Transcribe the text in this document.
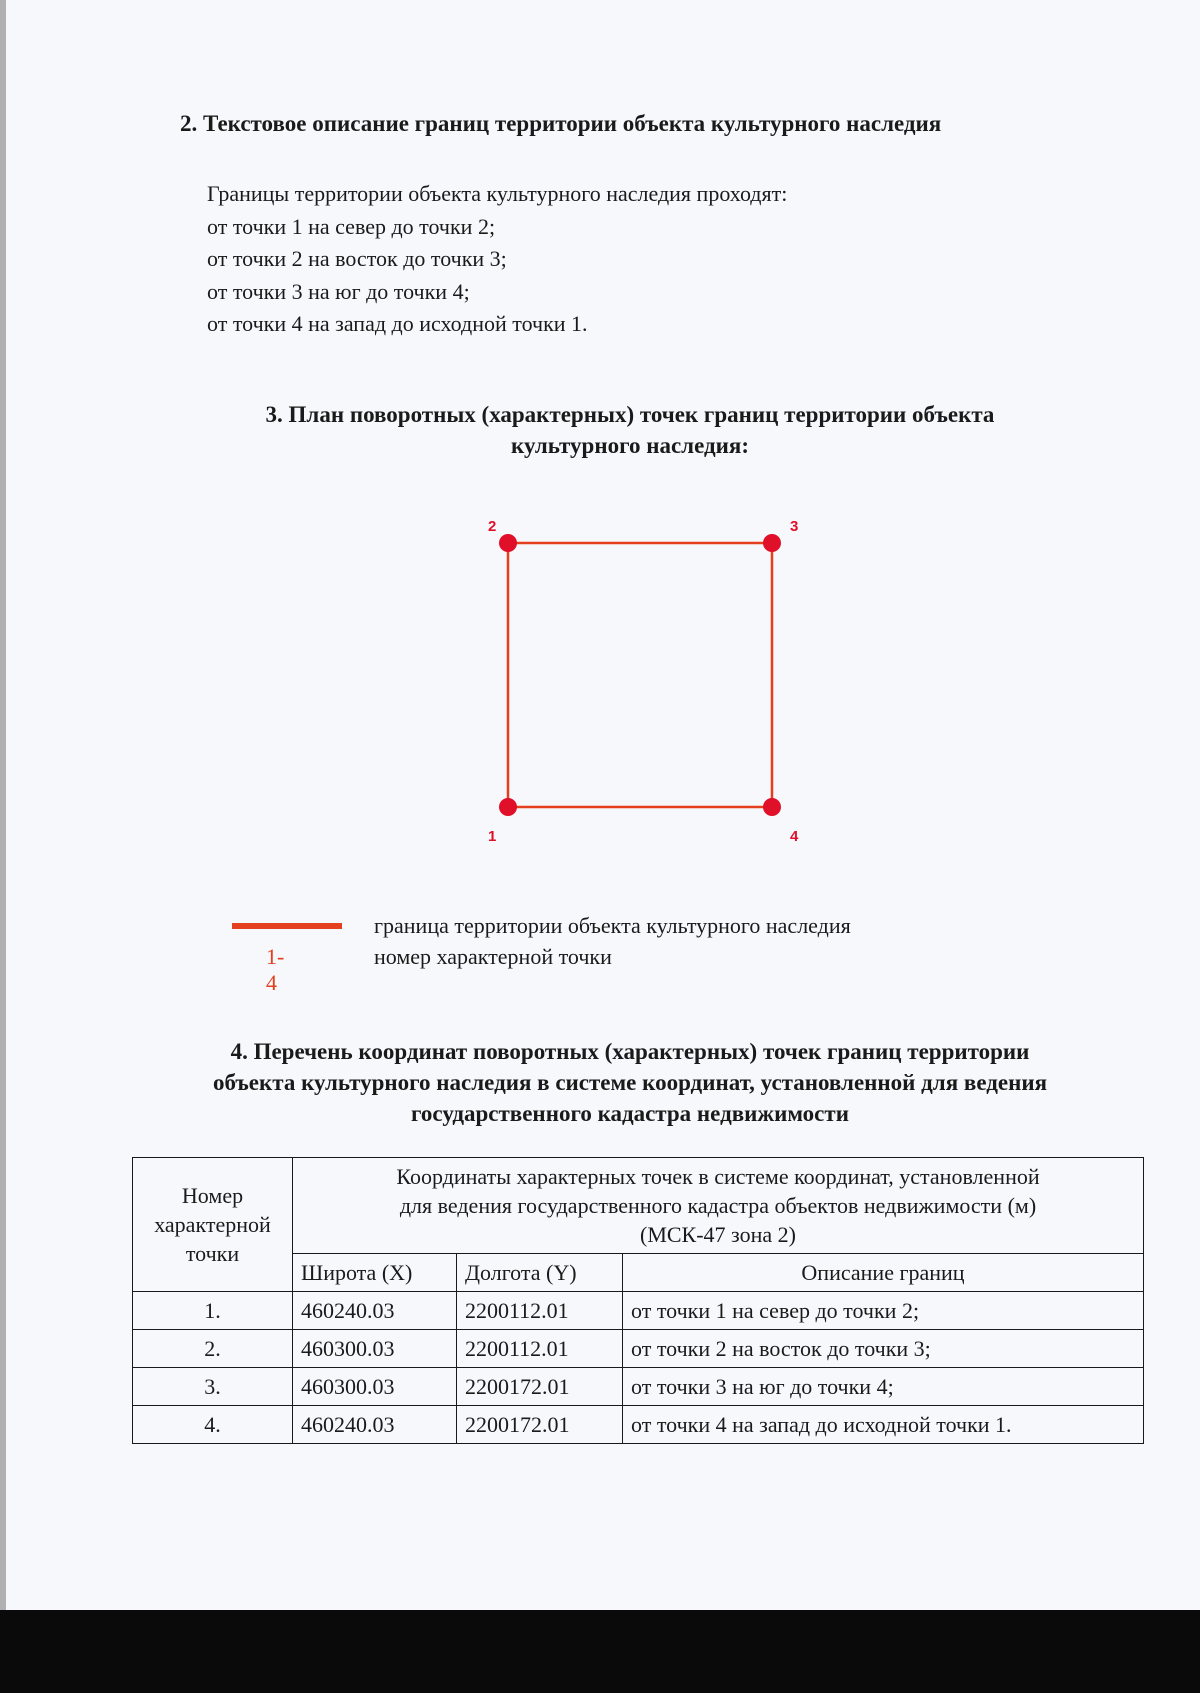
2. Текстовое описание границ территории объекта культурного наследия
Границы территории объекта культурного наследия проходят:
от точки 1 на север до точки 2;
от точки 2 на восток до точки 3;
от точки 3 на юг до точки 4;
от точки 4 на запад до исходной точки 1.
3. План поворотных (характерных) точек границ территории объекта
культурного наследия:
1
2	3
4
граница территории объекта культурного наследия
1-4
номер характерной точки
4. Перечень координат поворотных (характерных) точек границ территории
объекта культурного наследия в системе координат, установленной для ведения
государственного кадастра недвижимости
Номер
характерной
точки	Координаты характерных точек в системе координат, установленной
для ведения государственного кадастра объектов недвижимости (м)
(МСК-47 зона 2)		
	Широта (X)	Долгота (Y)	Описание границ
1.	460240.03	2200112.01	от точки 1 на север до точки 2;
2.	460300.03	2200112.01	от точки 2 на восток до точки 3;
3.	460300.03	2200172.01	от точки 3 на юг до точки 4;
4.	460240.03	2200172.01	от точки 4 на запад до исходной точки 1.
